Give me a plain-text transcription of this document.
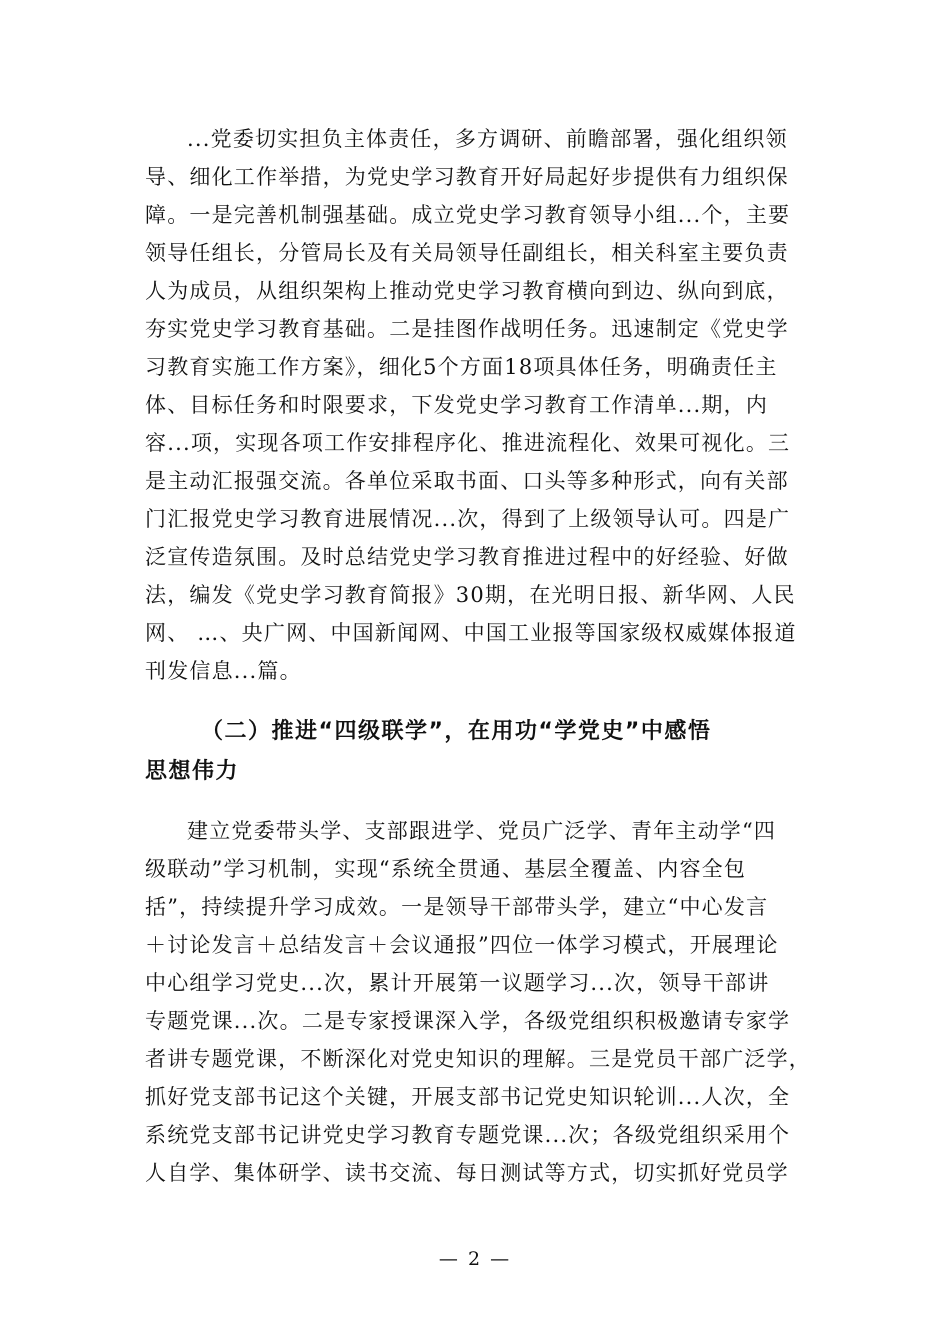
...党委切实担负主体责任，多方调研、前瞻部署，强化组织领
导、细化工作举措，为党史学习教育开好局起好步提供有力组织保
障。一是完善机制强基础。成立党史学习教育领导小组...个，主要
领导任组长，分管局长及有关局领导任副组长，相关科室主要负责
人为成员，从组织架构上推动党史学习教育横向到边、纵向到底，
夯实党史学习教育基础。二是挂图作战明任务。迅速制定《党史学
习教育实施工作方案》，细化5个方面18项具体任务，明确责任主
体、目标任务和时限要求，下发党史学习教育工作清单...期，内
容...项，实现各项工作安排程序化、推进流程化、效果可视化。三
是主动汇报强交流。各单位采取书面、口头等多种形式，向有关部
门汇报党史学习教育进展情况...次，得到了上级领导认可。四是广
泛宣传造氛围。及时总结党史学习教育推进过程中的好经验、好做
法，编发《党史学习教育简报》30期，在光明日报、新华网、人民
网、 …、央广网、中国新闻网、中国工业报等国家级权威媒体报道
刊发信息...篇。
（二）推进“四级联学”，在用功“学党史”中感悟
思想伟力
建立党委带头学、支部跟进学、党员广泛学、青年主动学“四
级联动”学习机制，实现“系统全贯通、基层全覆盖、内容全包
括”，持续提升学习成效。一是领导干部带头学，建立“中心发言
＋讨论发言＋总结发言＋会议通报”四位一体学习模式，开展理论
中心组学习党史...次，累计开展第一议题学习...次，领导干部讲
专题党课...次。二是专家授课深入学，各级党组织积极邀请专家学
者讲专题党课，不断深化对党史知识的理解。三是党员干部广泛学，
抓好党支部书记这个关键，开展支部书记党史知识轮训...人次，全
系统党支部书记讲党史学习教育专题党课...次；各级党组织采用个
人自学、集体研学、读书交流、每日测试等方式，切实抓好党员学
— 2 —
